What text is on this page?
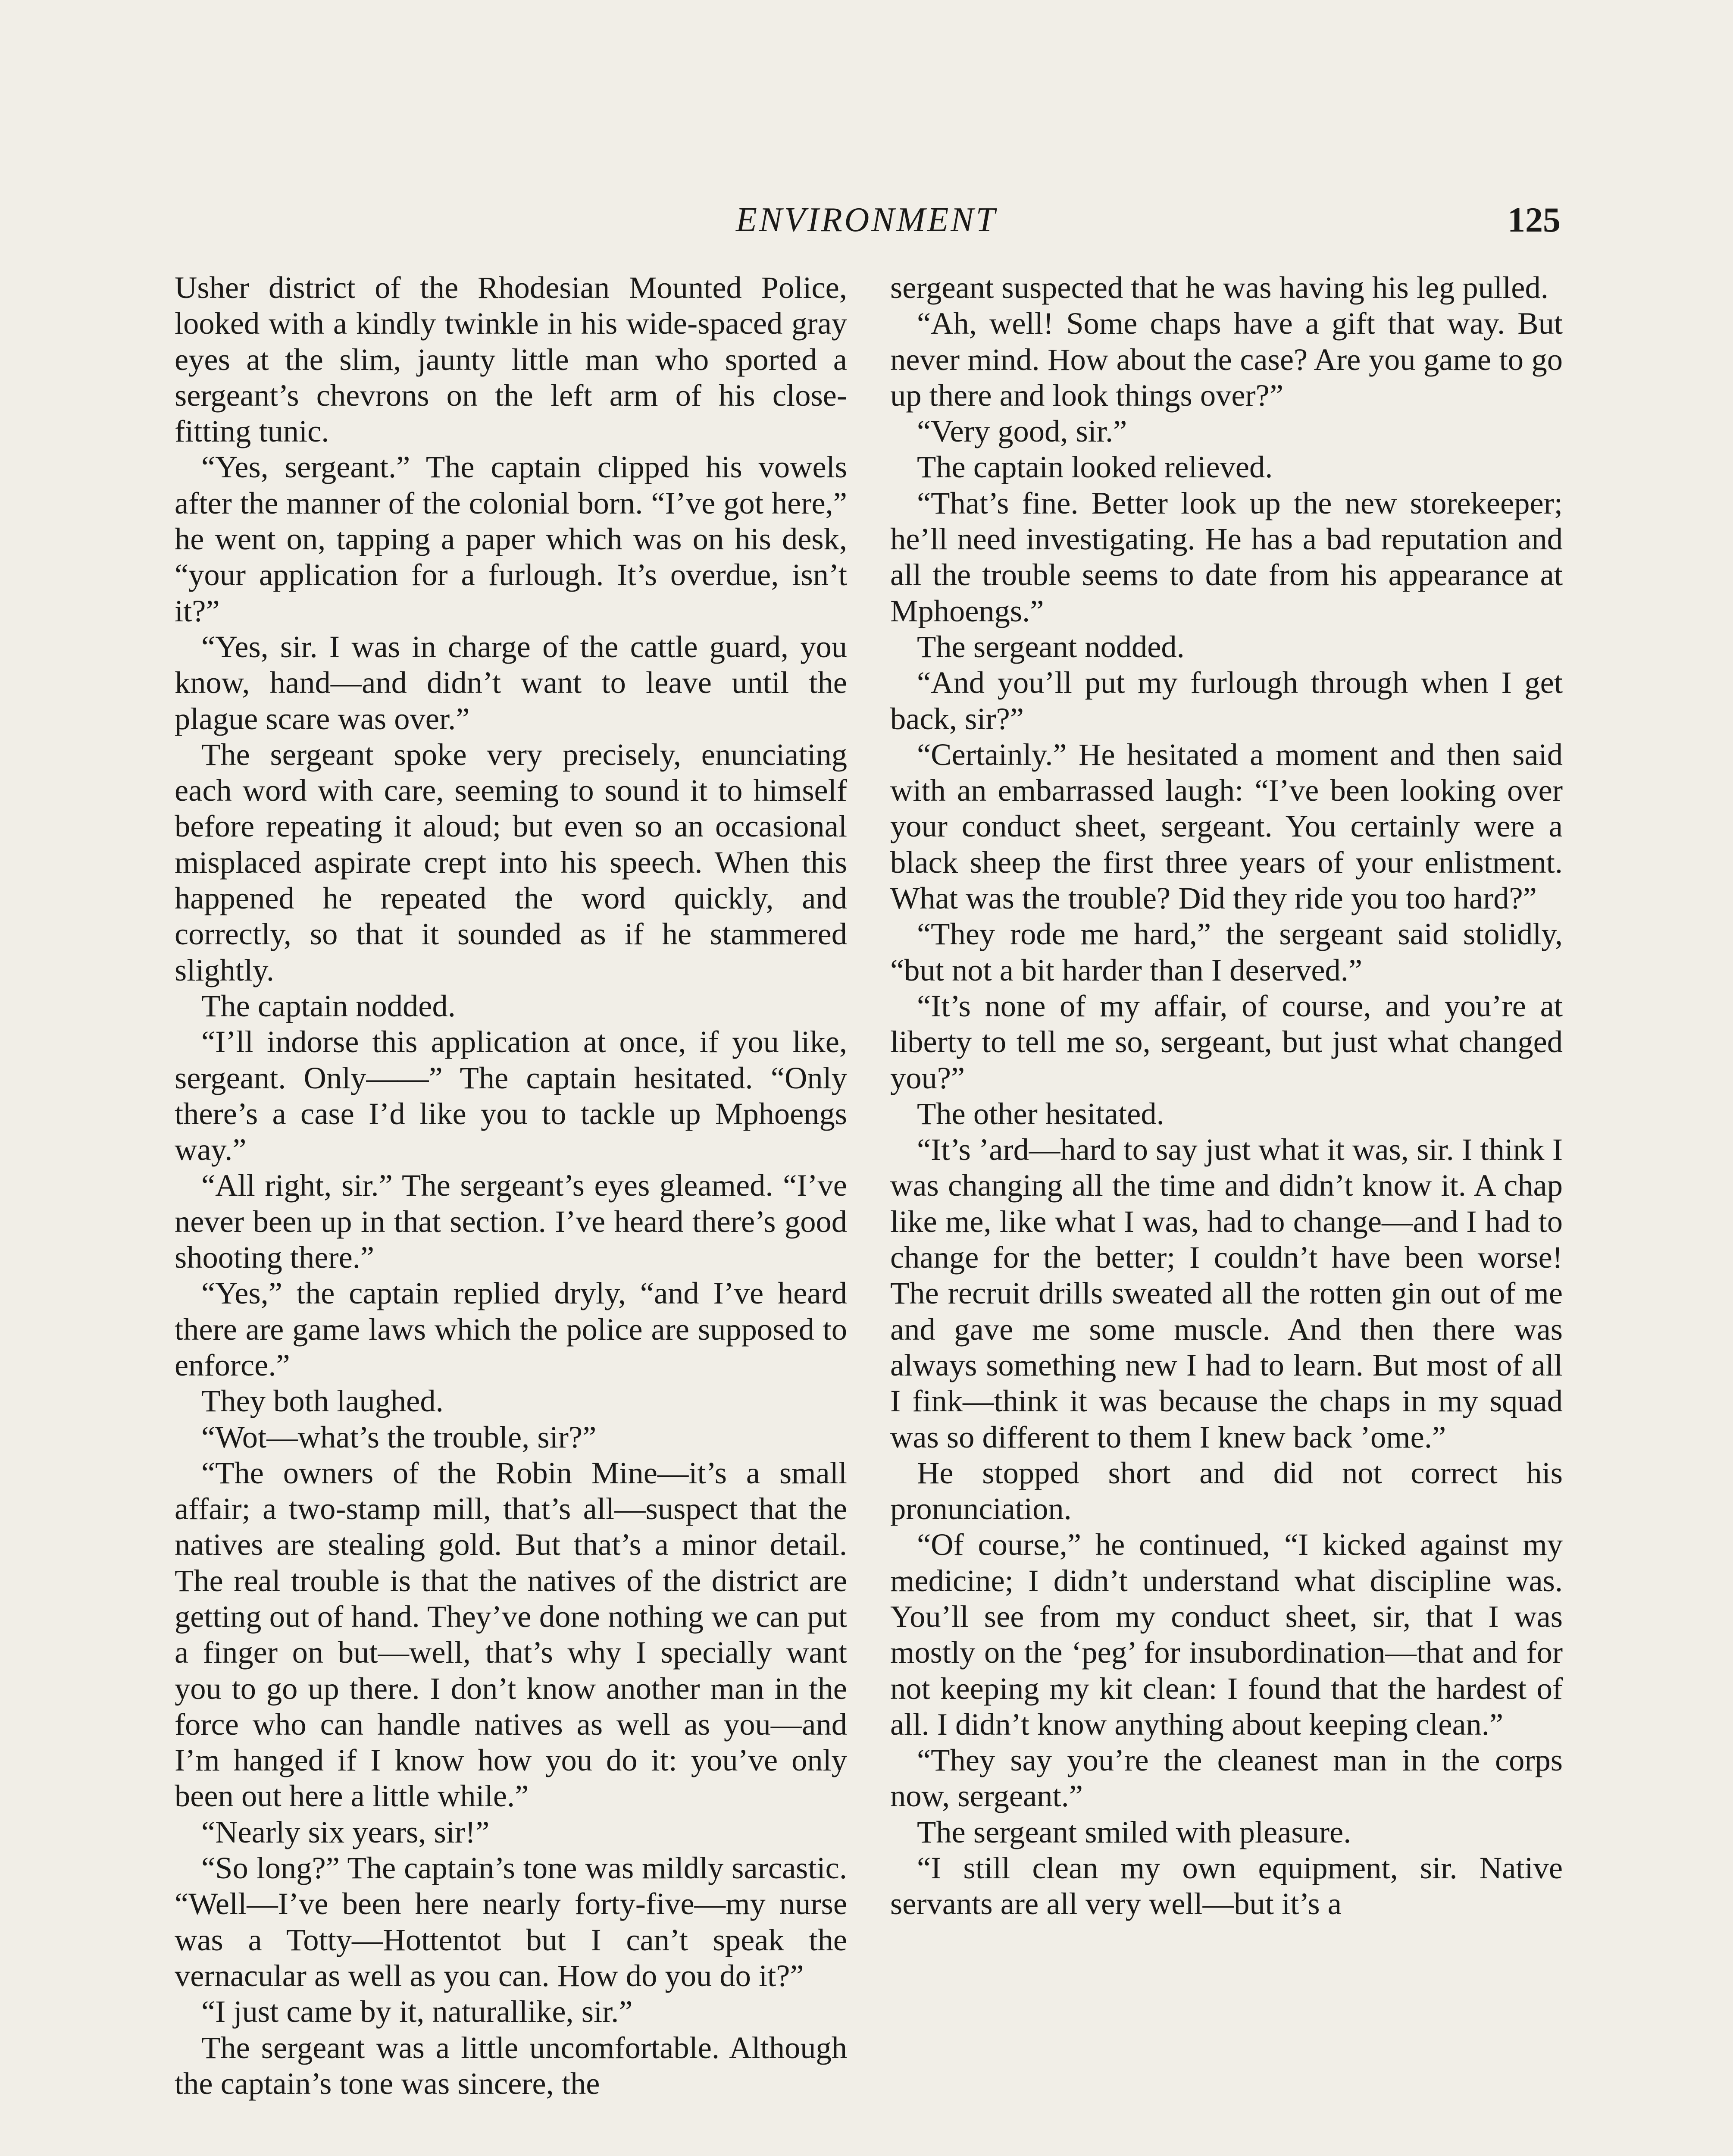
ENVIRONMENT	125

Usher district of the Rhodesian Mounted Police, looked with a kindly twinkle in his wide-spaced gray eyes at the slim, jaunty little man who sported a sergeant’s chevrons on the left arm of his close-fitting tunic.

“Yes, sergeant.” The captain clipped his vowels after the manner of the colonial born. “I’ve got here,” he went on, tapping a paper which was on his desk, “your application for a furlough. It’s overdue, isn’t it?”

“Yes, sir. I was in charge of the cattle guard, you know, hand—and didn’t want to leave until the plague scare was over.”

The sergeant spoke very precisely, enunciating each word with care, seeming to sound it to himself before repeating it aloud; but even so an occasional misplaced aspirate crept into his speech. When this happened he repeated the word quickly, and correctly, so that it sounded as if he stammered slightly.

The captain nodded.

“I’ll indorse this application at once, if you like, sergeant. Only——” The captain hesitated. “Only there’s a case I’d like you to tackle up Mphoengs way.”

“All right, sir.” The sergeant’s eyes gleamed. “I’ve never been up in that section. I’ve heard there’s good shooting there.”

“Yes,” the captain replied dryly, “and I’ve heard there are game laws which the police are supposed to enforce.”

They both laughed.

“Wot—what’s the trouble, sir?”

“The owners of the Robin Mine—it’s a small affair; a two-stamp mill, that’s all—suspect that the natives are stealing gold. But that’s a minor detail. The real trouble is that the natives of the district are getting out of hand. They’ve done nothing we can put a finger on but—well, that’s why I specially want you to go up there. I don’t know another man in the force who can handle natives as well as you—and I’m hanged if I know how you do it: you’ve only been out here a little while.”

“Nearly six years, sir!”

“So long?” The captain’s tone was mildly sarcastic. “Well—I’ve been here nearly forty-five—my nurse was a Totty—Hottentot but I can’t speak the vernacular as well as you can. How do you do it?”

“I just came by it, naturallike, sir.”

The sergeant was a little uncomfortable. Although the captain’s tone was sincere, the

sergeant suspected that he was having his leg pulled.

“Ah, well! Some chaps have a gift that way. But never mind. How about the case? Are you game to go up there and look things over?”

“Very good, sir.”

The captain looked relieved.

“That’s fine. Better look up the new storekeeper; he’ll need investigating. He has a bad reputation and all the trouble seems to date from his appearance at Mphoengs.”

The sergeant nodded.

“And you’ll put my furlough through when I get back, sir?”

“Certainly.” He hesitated a moment and then said with an embarrassed laugh: “I’ve been looking over your conduct sheet, sergeant. You certainly were a black sheep the first three years of your enlistment. What was the trouble? Did they ride you too hard?”

“They rode me hard,” the sergeant said stolidly, “but not a bit harder than I deserved.”

“It’s none of my affair, of course, and you’re at liberty to tell me so, sergeant, but just what changed you?”

The other hesitated.

“It’s ’ard—hard to say just what it was, sir. I think I was changing all the time and didn’t know it. A chap like me, like what I was, had to change—and I had to change for the better; I couldn’t have been worse! The recruit drills sweated all the rotten gin out of me and gave me some muscle. And then there was always something new I had to learn. But most of all I fink—think it was because the chaps in my squad was so different to them I knew back ’ome.”

He stopped short and did not correct his pronunciation.

“Of course,” he continued, “I kicked against my medicine; I didn’t understand what discipline was. You’ll see from my conduct sheet, sir, that I was mostly on the ‘peg’ for insubordination—that and for not keeping my kit clean: I found that the hardest of all. I didn’t know anything about keeping clean.”

“They say you’re the cleanest man in the corps now, sergeant.”

The sergeant smiled with pleasure.

“I still clean my own equipment, sir. Native servants are all very well—but it’s a
